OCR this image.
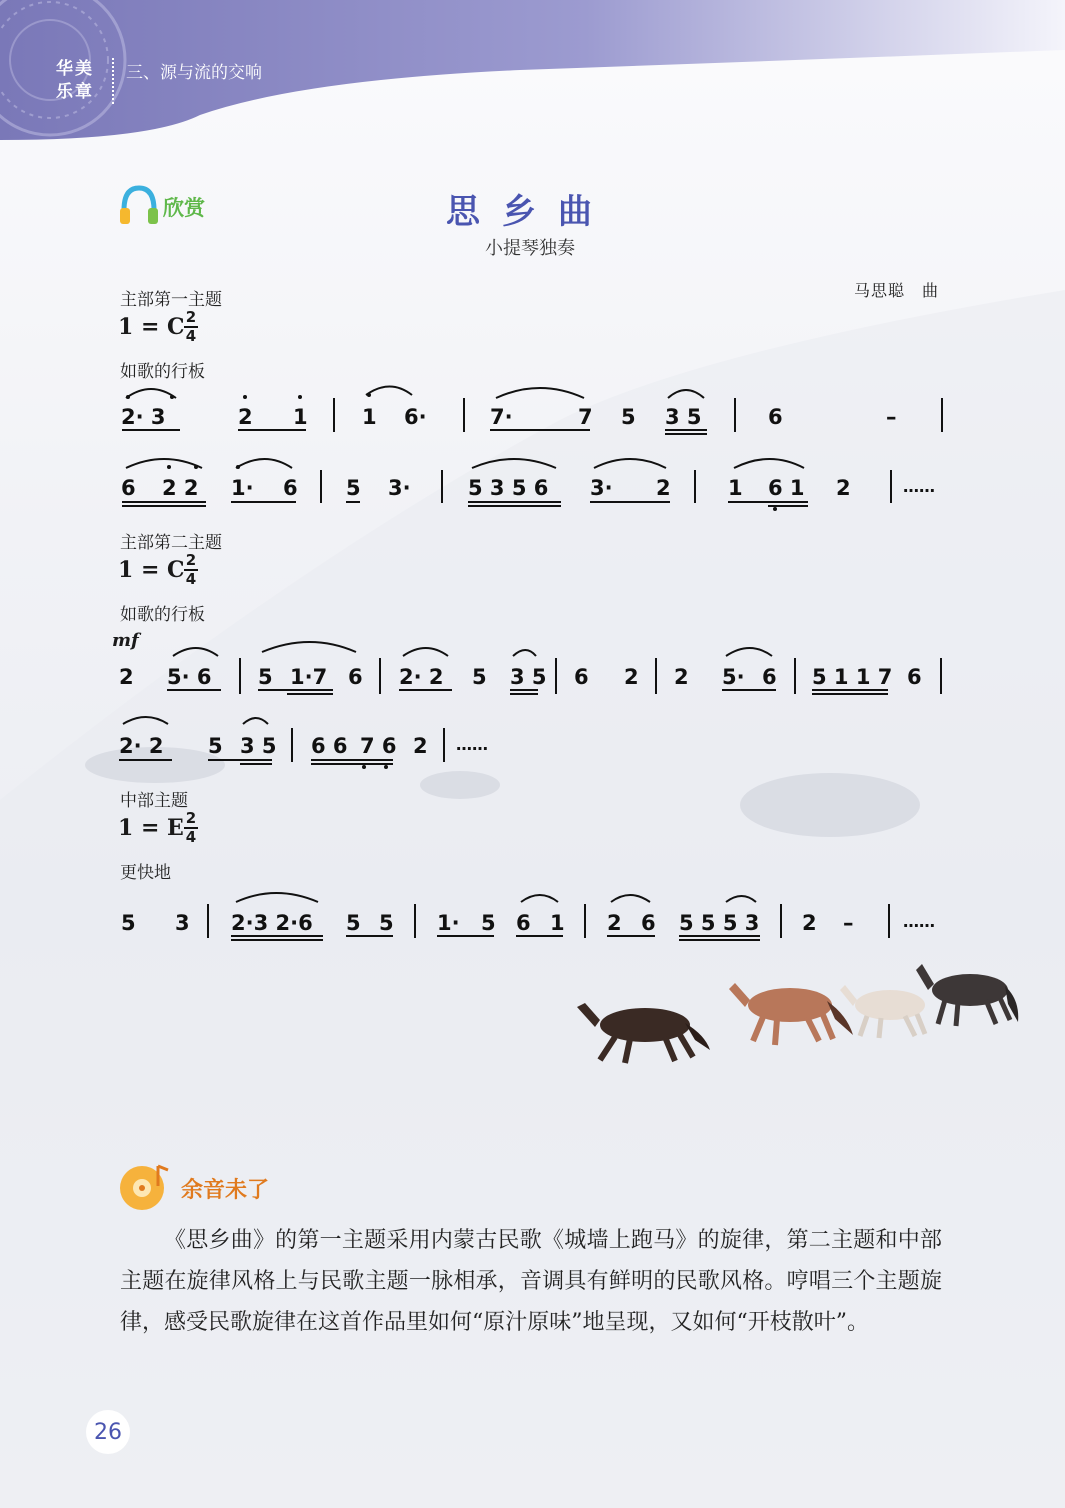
华美
乐章
三、源与流的交响
欣赏	思乡曲
小提琴独奏
马思聪　曲
主部第一主题
1 = C 2
4
如歌的行板
主部第二主题
1 = C 2
4
如歌的行板
mf
中部主题
1 = E 2
4
更快地
2· 3	2 1	1 6·	7·	7 5 3 5	6	–
6 2 2 1· 6 5 3·	5 3 5 6 3· 2	1 6 1 2	……
2 5· 6 5 1·7 6 2· 2 5 3 5 6 2 2 5· 6 5 1 1 7 6
2· 2 5 3 5 6 6 7 6 2 ……
5 3 2·3 2·6 5 5 1· 5 6 1 2 6 5 5 5 3 2 –	……
余音未了
《思乡曲》的第一主题采用内蒙古民歌《城墙上跑马》的旋律，第二主题和中部主题在旋律风格上与民歌主题一脉相承，音调具有鲜明的民歌风格。哼唱三个主题旋律，感受民歌旋律在这首作品里如何“原汁原味”地呈现，又如何“开枝散叶”。
26
